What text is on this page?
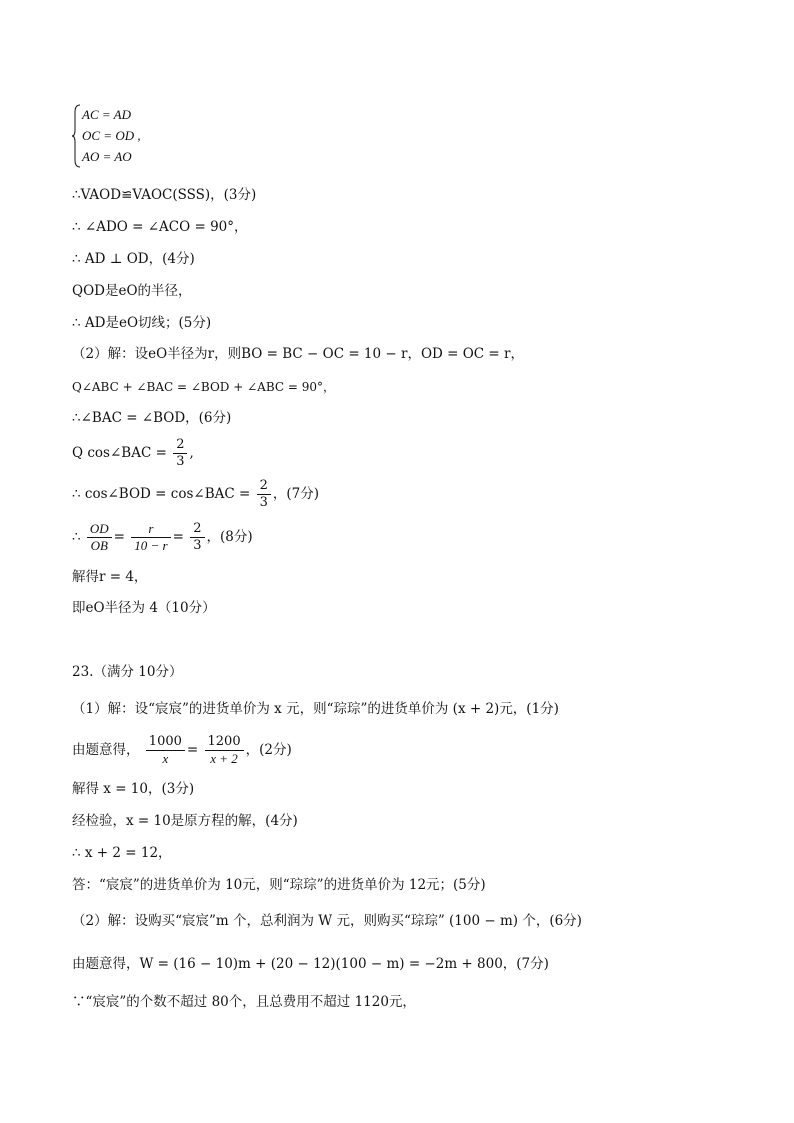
AC = AD
OC = OD ,
AO = AO
∴VAOD≌VAOC(SSS)，(3分)
∴ ∠ADO = ∠ACO = 90°，
∴ AD ⊥ OD，(4分)
QOD是eO的半径，
∴ AD是eO切线；(5分)
（2）解：设eO半径为r，则BO = BC − OC = 10 − r，OD = OC = r，
Q∠ABC + ∠BAC = ∠BOD + ∠ABC = 90°，
∴∠BAC = ∠BOD，(6分)
Q cos∠BAC = $\frac{2}{3}$ ,
∴ cos∠BOD = cos∠BAC = $\frac{2}{3}$ ，(7分)
∴ $\frac{OD}{OB} = \frac{r}{10 - r} = \frac{2}{3}$ ，(8分)
解得r = 4，
即eO半径为 4（10分）
23.（满分 10分）
（1）解：设“宸宸”的进货单价为 x 元，则“琮琮”的进货单价为 (x + 2)元，(1分)
由题意得， $\frac{1000}{x} = \frac{1200}{x + 2}$ ，(2分)
解得 x = 10，(3分)
经检验，x = 10是原方程的解，(4分)
∴ x + 2 = 12，
答：“宸宸”的进货单价为 10元，则“琮琮”的进货单价为 12元；(5分)
（2）解：设购买“宸宸”m 个，总利润为 W 元，则购买“琮琮” (100 − m) 个，(6分)
由题意得，W = (16 − 10)m + (20 − 12)(100 − m) = −2m + 800，(7分)
∵“宸宸”的个数不超过 80个，且总费用不超过 1120元，
